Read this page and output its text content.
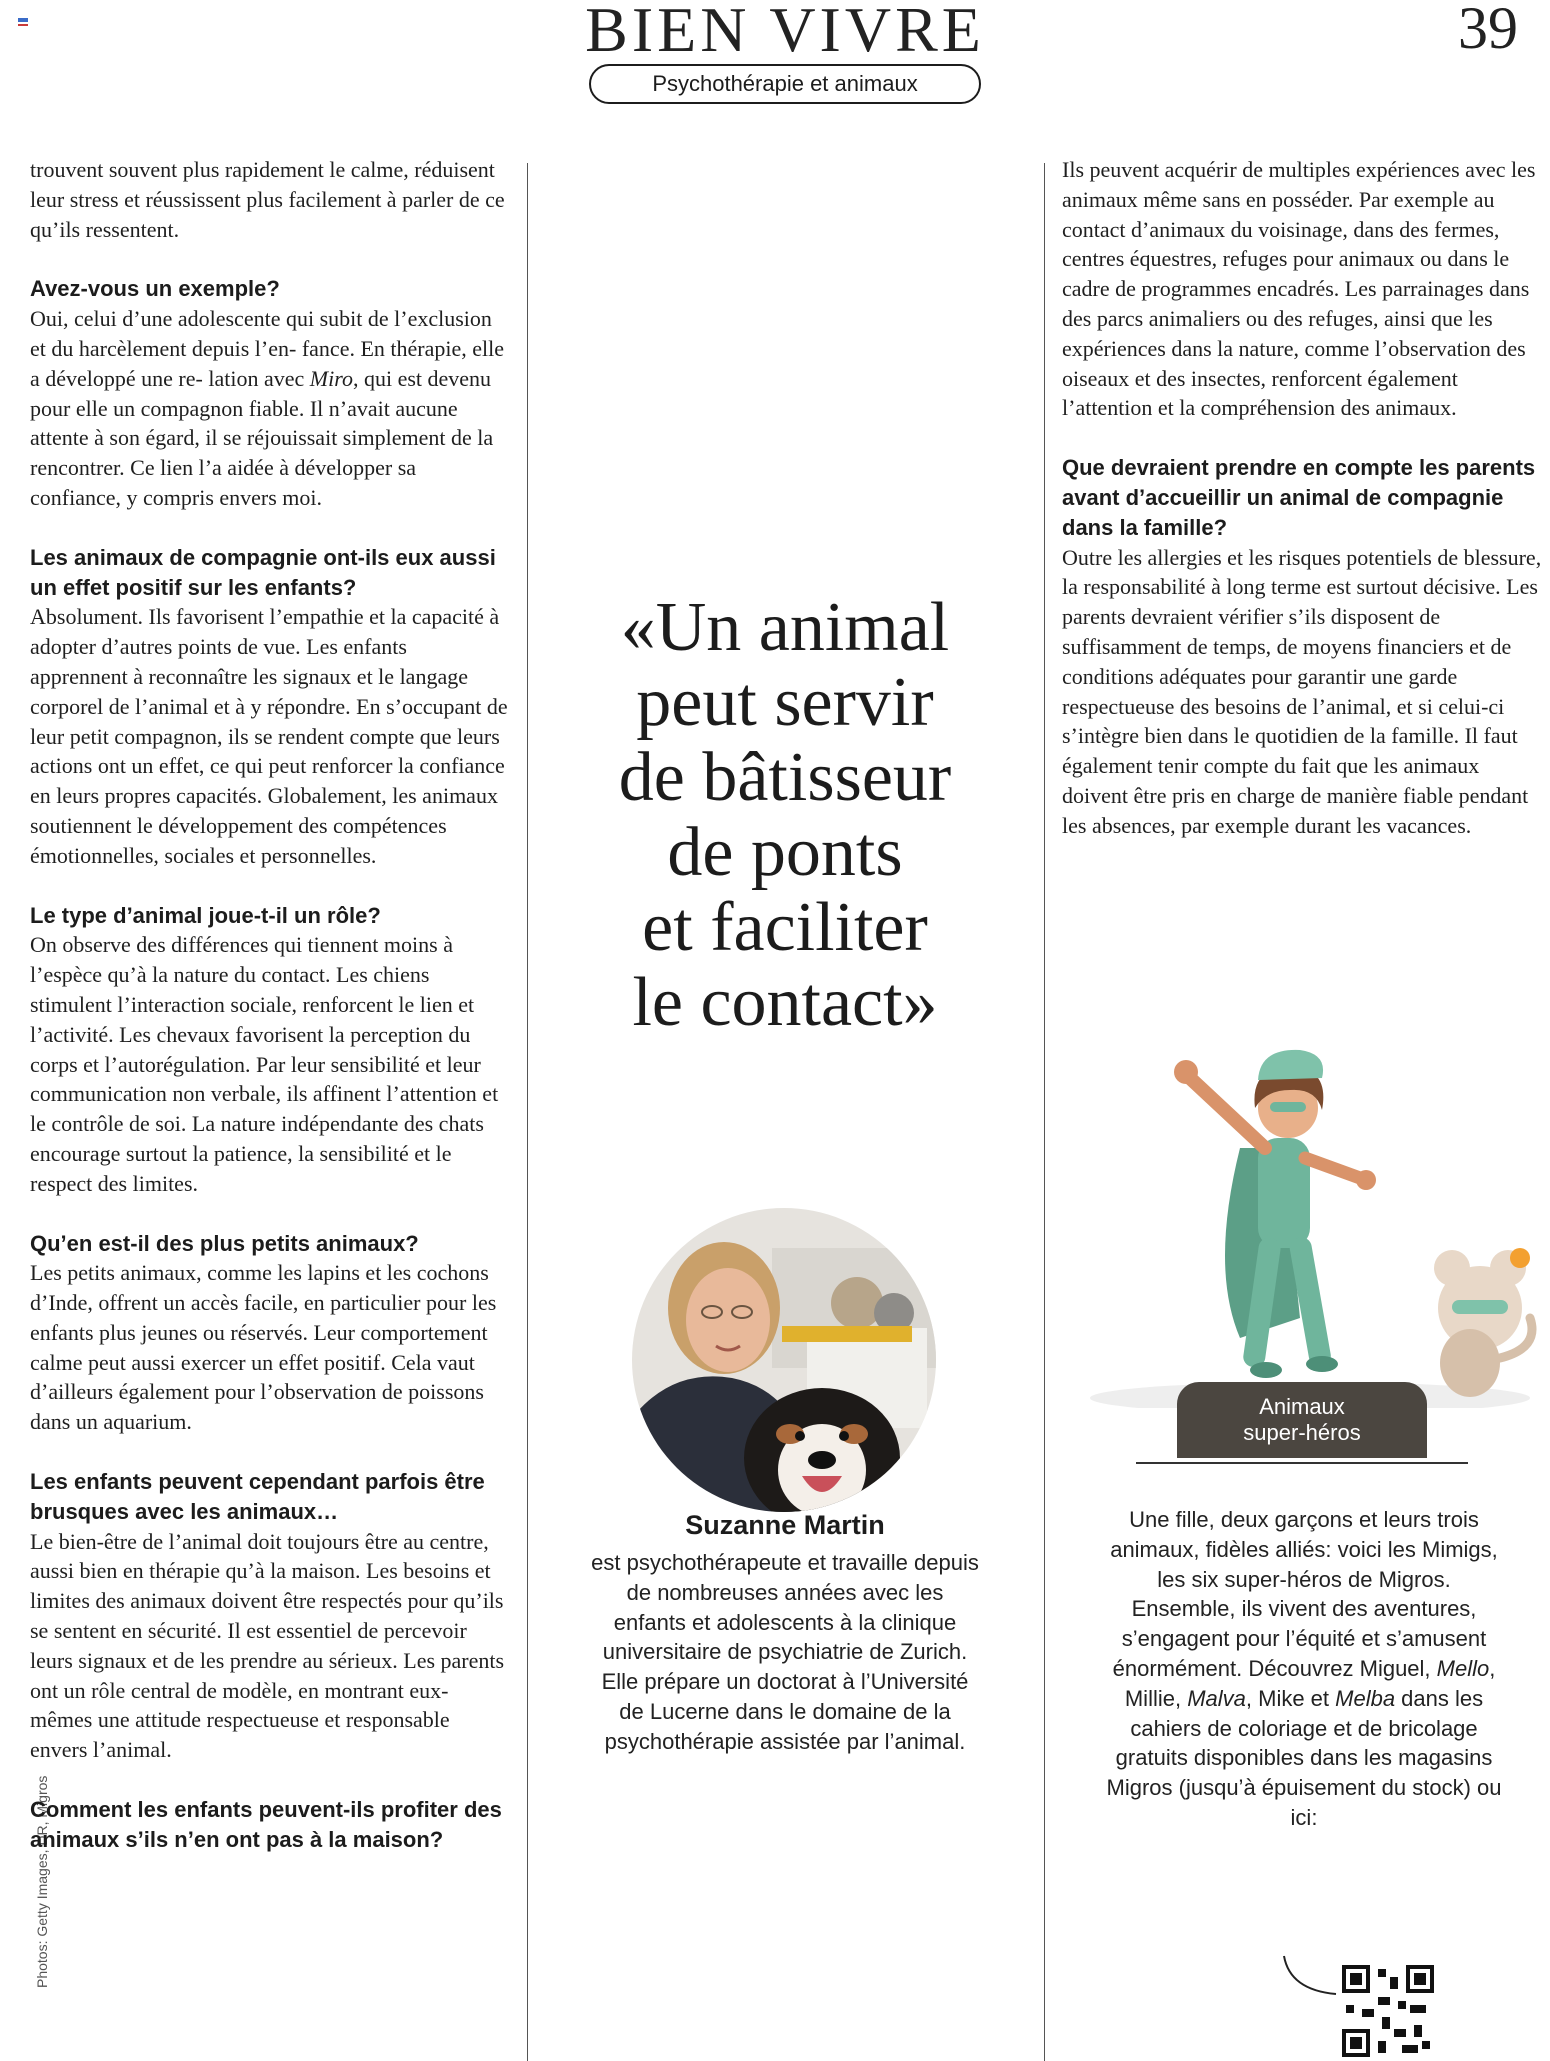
BIEN VIVRE	39
Psychothérapie et animaux
Photos: Getty Images, DR, Migros

trouvent souvent plus rapidement le calme, réduisent leur stress et réussissent plus facilement à parler de ce qu’ils ressentent.

Avez-vous un exemple?

Oui, celui d’une adolescente qui subit de l’exclusion et du harcèlement depuis l’en- fance. En thérapie, elle a développé une re- lation avec Miro, qui est devenu pour elle un compagnon fiable. Il n’avait aucune attente à son égard, il se réjouissait simplement de la rencontrer. Ce lien l’a aidée à développer sa confiance, y compris envers moi.

Les animaux de compagnie ont-ils eux aussi un effet positif sur les enfants?

Absolument. Ils favorisent l’empathie et la capacité à adopter d’autres points de vue. Les enfants apprennent à reconnaître les signaux et le langage corporel de l’animal et à y répondre. En s’occupant de leur petit compagnon, ils se rendent compte que leurs actions ont un effet, ce qui peut renforcer la confiance en leurs propres capacités. Globalement, les animaux soutiennent le développement des compétences émotionnelles, sociales et personnelles.

Le type d’animal joue-t-il un rôle?

On observe des différences qui tiennent moins à l’espèce qu’à la nature du contact. Les chiens stimulent l’interaction sociale, renforcent le lien et l’activité. Les chevaux favorisent la perception du corps et l’autorégulation. Par leur sensibilité et leur communication non verbale, ils affinent l’attention et le contrôle de soi. La nature indépendante des chats encourage surtout la patience, la sensibilité et le respect des limites.

Qu’en est-il des plus petits animaux?

Les petits animaux, comme les lapins et les cochons d’Inde, offrent un accès facile, en particulier pour les enfants plus jeunes ou réservés. Leur comportement calme peut aussi exercer un effet positif. Cela vaut d’ailleurs également pour l’observation de poissons dans un aquarium.

Les enfants peuvent cependant parfois être brusques avec les animaux…

Le bien-être de l’animal doit toujours être au centre, aussi bien en thérapie qu’à la maison. Les besoins et limites des animaux doivent être respectés pour qu’ils se sentent en sécurité. Il est essentiel de percevoir leurs signaux et de les prendre au sérieux. Les parents ont un rôle central de modèle, en montrant eux-mêmes une attitude respectueuse et responsable envers l’animal.

Comment les enfants peuvent-ils profiter des animaux s’ils n’en ont pas à la maison?
«Un animal
peut servir
de bâtisseur
de ponts
et faciliter
le contact»
Suzanne Martin
est psychothérapeute et travaille depuis de nombreuses années avec les enfants et adolescents à la clinique universitaire de psychiatrie de Zurich. Elle prépare un doctorat à l’Université de Lucerne dans le domaine de la psychothérapie assistée par l’animal.

Ils peuvent acquérir de multiples expériences avec les animaux même sans en posséder. Par exemple au contact d’animaux du voisinage, dans des fermes, centres équestres, refuges pour animaux ou dans le cadre de programmes encadrés. Les parrainages dans des parcs animaliers ou des refuges, ainsi que les expériences dans la nature, comme l’observation des oiseaux et des insectes, renforcent également l’attention et la compréhension des animaux.

Que devraient prendre en compte les parents avant d’accueillir un animal de compagnie dans la famille?

Outre les allergies et les risques potentiels de blessure, la responsabilité à long terme est surtout décisive. Les parents devraient vérifier s’ils disposent de suffisamment de temps, de moyens financiers et de conditions adéquates pour garantir une garde respectueuse des besoins de l’animal, et si celui-ci s’intègre bien dans le quotidien de la famille. Il faut également tenir compte du fait que les animaux doivent être pris en charge de manière fiable pendant les absences, par exemple durant les vacances.

Animaux
super-héros
Une fille, deux garçons et leurs trois animaux, fidèles alliés: voici les Mimigs, les six super-héros de Migros. Ensemble, ils vivent des aventures, s’engagent pour l’équité et s’amusent énormément. Découvrez Miguel, Mello, Millie, Malva, Mike et Melba dans les cahiers de coloriage et de bricolage gratuits disponibles dans les magasins Migros (jusqu’à épuisement du stock) ou ici:
